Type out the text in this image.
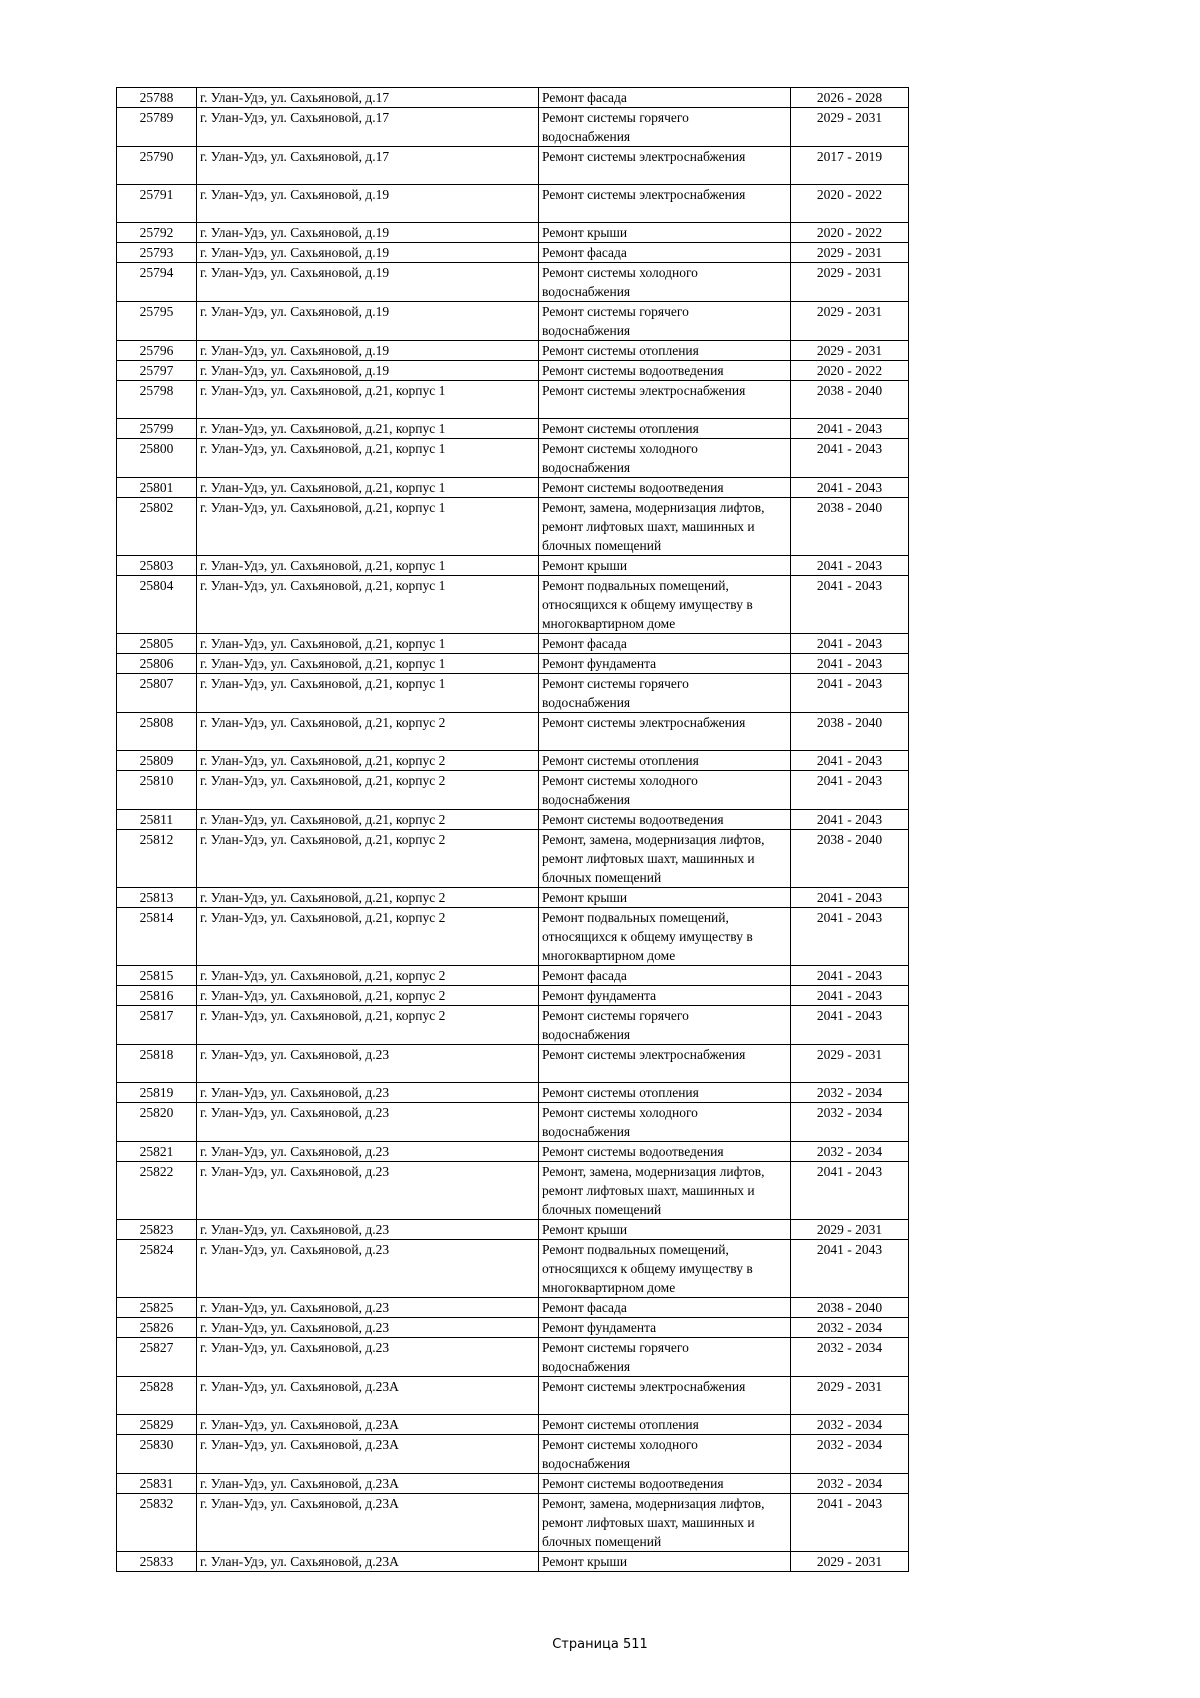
25788	г. Улан-Удэ, ул. Сахьяновой, д.17	Ремонт фасада	2026 - 2028
25789	г. Улан-Удэ, ул. Сахьяновой, д.17	Ремонт системы горячего
водоснабжения	2029 - 2031
25790	г. Улан-Удэ, ул. Сахьяновой, д.17	Ремонт системы электроснабжения	2017 - 2019
25791	г. Улан-Удэ, ул. Сахьяновой, д.19	Ремонт системы электроснабжения	2020 - 2022
25792	г. Улан-Удэ, ул. Сахьяновой, д.19	Ремонт крыши	2020 - 2022
25793	г. Улан-Удэ, ул. Сахьяновой, д.19	Ремонт фасада	2029 - 2031
25794	г. Улан-Удэ, ул. Сахьяновой, д.19	Ремонт системы холодного
водоснабжения	2029 - 2031
25795	г. Улан-Удэ, ул. Сахьяновой, д.19	Ремонт системы горячего
водоснабжения	2029 - 2031
25796	г. Улан-Удэ, ул. Сахьяновой, д.19	Ремонт системы отопления	2029 - 2031
25797	г. Улан-Удэ, ул. Сахьяновой, д.19	Ремонт системы водоотведения	2020 - 2022
25798	г. Улан-Удэ, ул. Сахьяновой, д.21, корпус 1	Ремонт системы электроснабжения	2038 - 2040
25799	г. Улан-Удэ, ул. Сахьяновой, д.21, корпус 1	Ремонт системы отопления	2041 - 2043
25800	г. Улан-Удэ, ул. Сахьяновой, д.21, корпус 1	Ремонт системы холодного
водоснабжения	2041 - 2043
25801	г. Улан-Удэ, ул. Сахьяновой, д.21, корпус 1	Ремонт системы водоотведения	2041 - 2043
25802	г. Улан-Удэ, ул. Сахьяновой, д.21, корпус 1	Ремонт, замена, модернизация лифтов,
ремонт лифтовых шахт, машинных и
блочных помещений	2038 - 2040
25803	г. Улан-Удэ, ул. Сахьяновой, д.21, корпус 1	Ремонт крыши	2041 - 2043
25804	г. Улан-Удэ, ул. Сахьяновой, д.21, корпус 1	Ремонт подвальных помещений,
относящихся к общему имуществу в
многоквартирном доме	2041 - 2043
25805	г. Улан-Удэ, ул. Сахьяновой, д.21, корпус 1	Ремонт фасада	2041 - 2043
25806	г. Улан-Удэ, ул. Сахьяновой, д.21, корпус 1	Ремонт фундамента	2041 - 2043
25807	г. Улан-Удэ, ул. Сахьяновой, д.21, корпус 1	Ремонт системы горячего
водоснабжения	2041 - 2043
25808	г. Улан-Удэ, ул. Сахьяновой, д.21, корпус 2	Ремонт системы электроснабжения	2038 - 2040
25809	г. Улан-Удэ, ул. Сахьяновой, д.21, корпус 2	Ремонт системы отопления	2041 - 2043
25810	г. Улан-Удэ, ул. Сахьяновой, д.21, корпус 2	Ремонт системы холодного
водоснабжения	2041 - 2043
25811	г. Улан-Удэ, ул. Сахьяновой, д.21, корпус 2	Ремонт системы водоотведения	2041 - 2043
25812	г. Улан-Удэ, ул. Сахьяновой, д.21, корпус 2	Ремонт, замена, модернизация лифтов,
ремонт лифтовых шахт, машинных и
блочных помещений	2038 - 2040
25813	г. Улан-Удэ, ул. Сахьяновой, д.21, корпус 2	Ремонт крыши	2041 - 2043
25814	г. Улан-Удэ, ул. Сахьяновой, д.21, корпус 2	Ремонт подвальных помещений,
относящихся к общему имуществу в
многоквартирном доме	2041 - 2043
25815	г. Улан-Удэ, ул. Сахьяновой, д.21, корпус 2	Ремонт фасада	2041 - 2043
25816	г. Улан-Удэ, ул. Сахьяновой, д.21, корпус 2	Ремонт фундамента	2041 - 2043
25817	г. Улан-Удэ, ул. Сахьяновой, д.21, корпус 2	Ремонт системы горячего
водоснабжения	2041 - 2043
25818	г. Улан-Удэ, ул. Сахьяновой, д.23	Ремонт системы электроснабжения	2029 - 2031
25819	г. Улан-Удэ, ул. Сахьяновой, д.23	Ремонт системы отопления	2032 - 2034
25820	г. Улан-Удэ, ул. Сахьяновой, д.23	Ремонт системы холодного
водоснабжения	2032 - 2034
25821	г. Улан-Удэ, ул. Сахьяновой, д.23	Ремонт системы водоотведения	2032 - 2034
25822	г. Улан-Удэ, ул. Сахьяновой, д.23	Ремонт, замена, модернизация лифтов,
ремонт лифтовых шахт, машинных и
блочных помещений	2041 - 2043
25823	г. Улан-Удэ, ул. Сахьяновой, д.23	Ремонт крыши	2029 - 2031
25824	г. Улан-Удэ, ул. Сахьяновой, д.23	Ремонт подвальных помещений,
относящихся к общему имуществу в
многоквартирном доме	2041 - 2043
25825	г. Улан-Удэ, ул. Сахьяновой, д.23	Ремонт фасада	2038 - 2040
25826	г. Улан-Удэ, ул. Сахьяновой, д.23	Ремонт фундамента	2032 - 2034
25827	г. Улан-Удэ, ул. Сахьяновой, д.23	Ремонт системы горячего
водоснабжения	2032 - 2034
25828	г. Улан-Удэ, ул. Сахьяновой, д.23А	Ремонт системы электроснабжения	2029 - 2031
25829	г. Улан-Удэ, ул. Сахьяновой, д.23А	Ремонт системы отопления	2032 - 2034
25830	г. Улан-Удэ, ул. Сахьяновой, д.23А	Ремонт системы холодного
водоснабжения	2032 - 2034
25831	г. Улан-Удэ, ул. Сахьяновой, д.23А	Ремонт системы водоотведения	2032 - 2034
25832	г. Улан-Удэ, ул. Сахьяновой, д.23А	Ремонт, замена, модернизация лифтов,
ремонт лифтовых шахт, машинных и
блочных помещений	2041 - 2043
25833	г. Улан-Удэ, ул. Сахьяновой, д.23А	Ремонт крыши	2029 - 2031
Страница 511
